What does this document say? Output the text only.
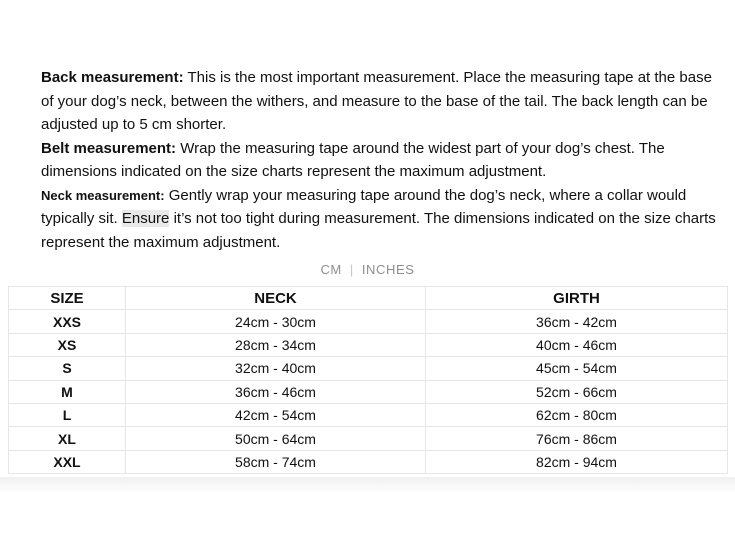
Back measurement: This is the most important measurement. Place the measuring tape at the base of your dog’s neck, between the withers, and measure to the base of the tail. The back length can be adjusted up to 5 cm shorter.

Belt measurement: Wrap the measuring tape around the widest part of your dog’s chest. The dimensions indicated on the size charts represent the maximum adjustment.

Neck measurement: Gently wrap your measuring tape around the dog’s neck, where a collar would typically sit. Ensure it’s not too tight during measurement. The dimensions indicated on the size charts represent the maximum adjustment.

CM | INCHES
SIZE	NECK	GIRTH
XXS	24cm - 30cm	36cm - 42cm
XS	28cm - 34cm	40cm - 46cm
S	32cm - 40cm	45cm - 54cm
M	36cm - 46cm	52cm - 66cm
L	42cm - 54cm	62cm - 80cm
XL	50cm - 64cm	76cm - 86cm
XXL	58cm - 74cm	82cm - 94cm
